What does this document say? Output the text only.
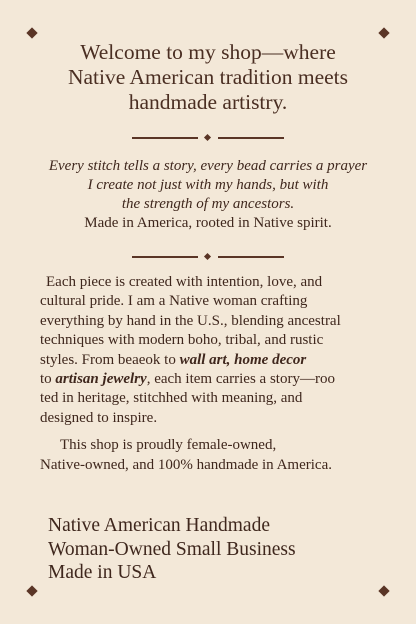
Welcome to my shop—where
Native American tradition meets
handmade artistry.
Every stitch tells a story, every bead carries a prayer
I create not just with my hands, but with
the strength of my ancestors.
Made in America, rooted in Native spirit.
Each piece is created with intention, love, and
cultural pride. I am a Native woman crafting
everything by hand in the U.S., blending ancestral
techniques with modern boho, tribal, and rustic
styles. From beaeok to wall art, home decor
to artisan jewelry, each item carries a story—roo
ted in heritage, stitchhed with meaning, and
designed to inspire.
This shop is proudly female-owned,
Native-owned, and 100% handmade in America.
Native American Handmade
Woman-Owned Small Business
Made in USA
